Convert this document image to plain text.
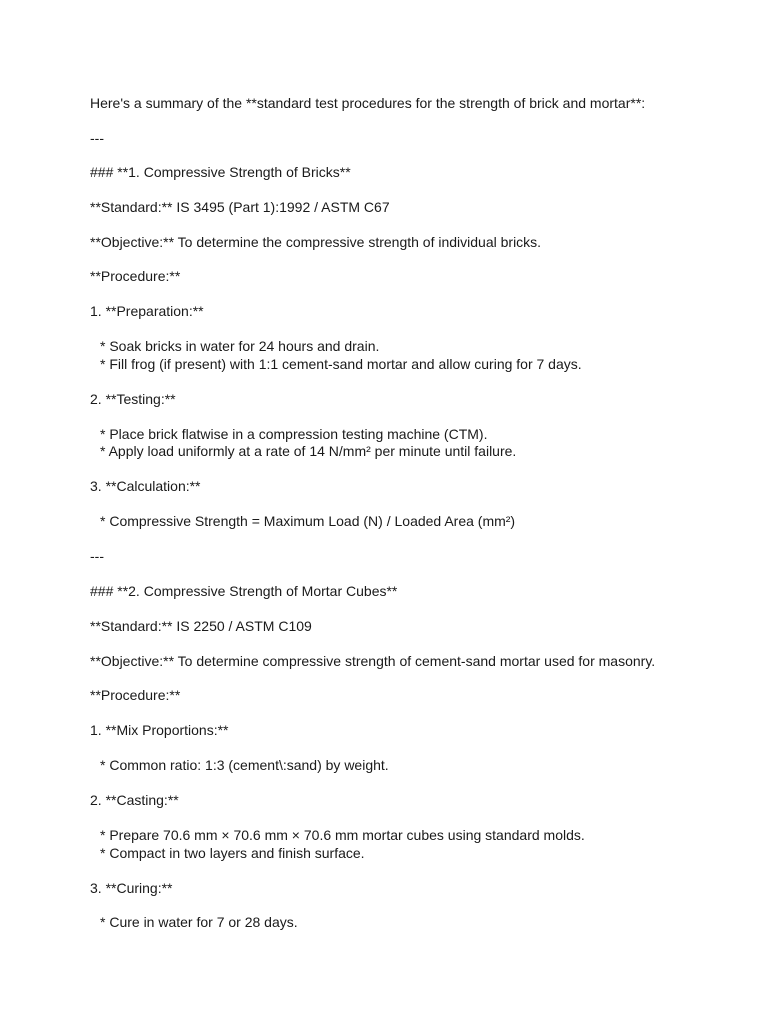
Here's a summary of the **standard test procedures for the strength of brick and mortar**:
---
### **1. Compressive Strength of Bricks**
**Standard:** IS 3495 (Part 1):1992 / ASTM C67
**Objective:** To determine the compressive strength of individual bricks.
**Procedure:**
1. **Preparation:**
* Soak bricks in water for 24 hours and drain.
* Fill frog (if present) with 1:1 cement-sand mortar and allow curing for 7 days.
2. **Testing:**
* Place brick flatwise in a compression testing machine (CTM).
* Apply load uniformly at a rate of 14 N/mm² per minute until failure.
3. **Calculation:**
* Compressive Strength = Maximum Load (N) / Loaded Area (mm²)
---
### **2. Compressive Strength of Mortar Cubes**
**Standard:** IS 2250 / ASTM C109
**Objective:** To determine compressive strength of cement-sand mortar used for masonry.
**Procedure:**
1. **Mix Proportions:**
* Common ratio: 1:3 (cement\:sand) by weight.
2. **Casting:**
* Prepare 70.6 mm × 70.6 mm × 70.6 mm mortar cubes using standard molds.
* Compact in two layers and finish surface.
3. **Curing:**
* Cure in water for 7 or 28 days.
